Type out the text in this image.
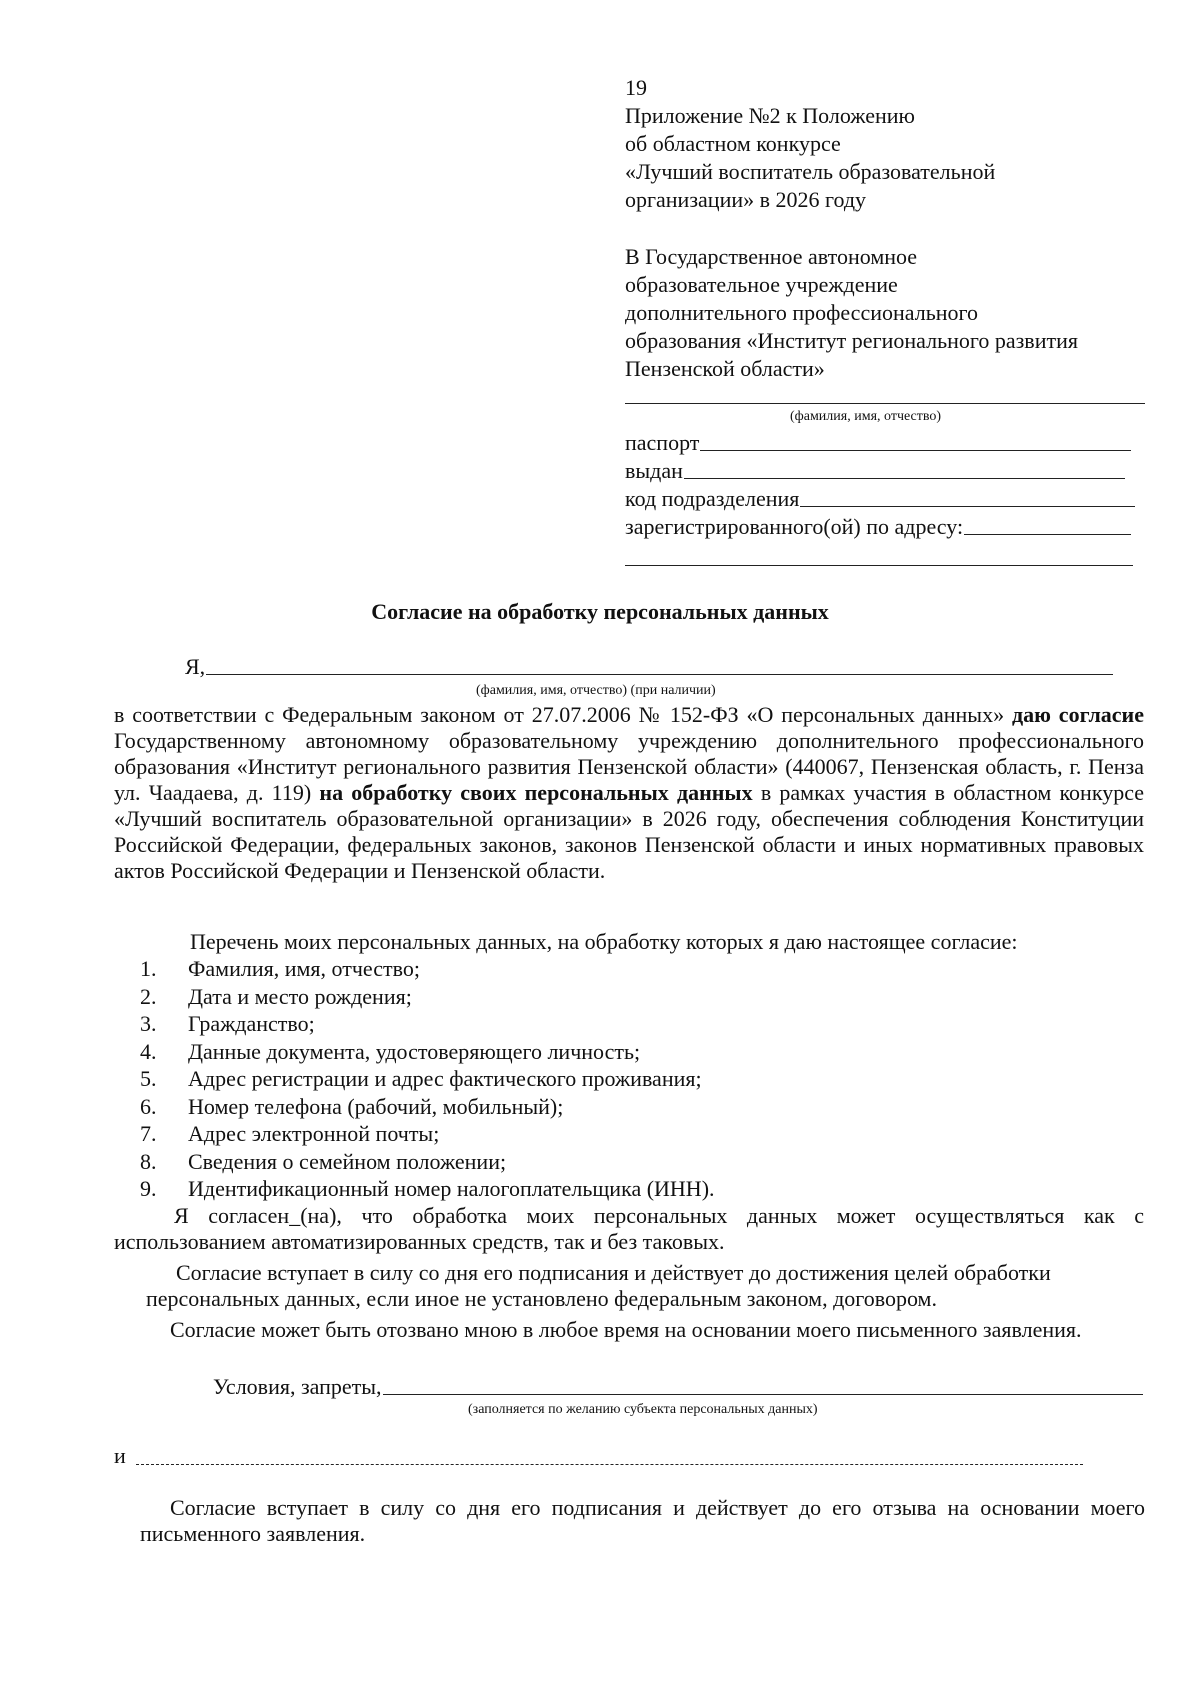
19
Приложение №2 к Положению
об областном конкурсе
«Лучший воспитатель образовательной
организации» в 2026 году
В Государственное автономное
образовательное учреждение
дополнительного профессионального
образования «Институт регионального развития
Пензенской области»
(фамилия, имя, отчество)
паспорт
выдан
код подразделения
зарегистрированного(ой) по адресу:
Согласие на обработку персональных данных
Я,
(фамилия, имя, отчество) (при наличии)
в соответствии с Федеральным законом от 27.07.2006 № 152-ФЗ «О персональных данных» даю согласие Государственному автономному образовательному учреждению дополнительного профессионального образования «Институт регионального развития Пензенской области» (440067, Пензенская область, г. Пенза ул. Чаадаева, д. 119) на обработку своих персональных данных в рамках участия в областном конкурсе «Лучший воспитатель образовательной организации» в 2026 году, обеспечения соблюдения Конституции Российской Федерации, федеральных законов, законов Пензенской области и иных нормативных правовых актов Российской Федерации и Пензенской области.
Перечень моих персональных данных, на обработку которых я даю настоящее согласие:
1.	Фамилия, имя, отчество;
2.	Дата и место рождения;
3.	Гражданство;
4.	Данные документа, удостоверяющего личность;
5.	Адрес регистрации и адрес фактического проживания;
6.	Номер телефона (рабочий, мобильный);
7.	Адрес электронной почты;
8.	Сведения о семейном положении;
9.	Идентификационный номер налогоплательщика (ИНН).
Я согласен_(на), что обработка моих персональных данных может осуществляться как с использованием автоматизированных средств, так и без таковых.
Согласие вступает в силу со дня его подписания и действует до достижения целей обработки персональных данных, если иное не установлено федеральным законом, договором.
Согласие может быть отозвано мною в любое время на основании моего письменного заявления.
Условия, запреты,
(заполняется по желанию субъекта персональных данных)
и
Согласие вступает в силу со дня его подписания и действует до его отзыва на основании моего письменного заявления.
